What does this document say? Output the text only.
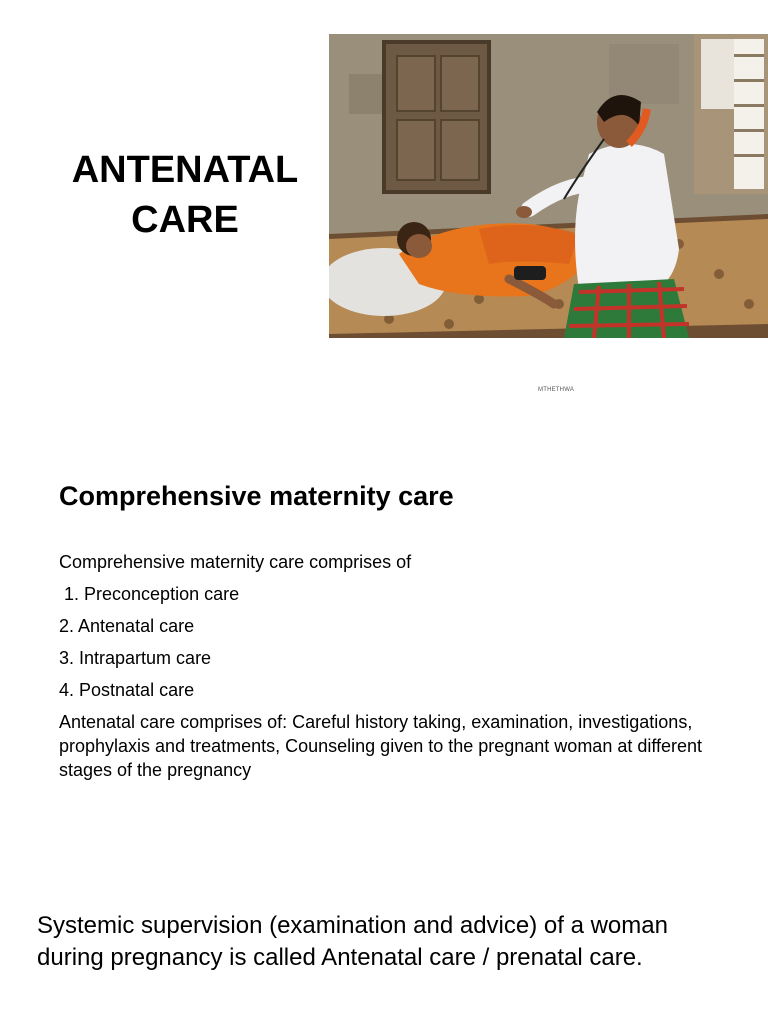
ANTENATAL
CARE
MTHETHWA
Comprehensive maternity care
Comprehensive maternity care comprises of
1. Preconception care
2. Antenatal care
3. Intrapartum care
4. Postnatal care
Antenatal care comprises of: Careful history taking, examination, investigations, prophylaxis and treatments, Counseling given to the pregnant woman at different stages of the pregnancy
Systemic supervision (examination and advice) of a woman during pregnancy is called Antenatal care / prenatal care.
